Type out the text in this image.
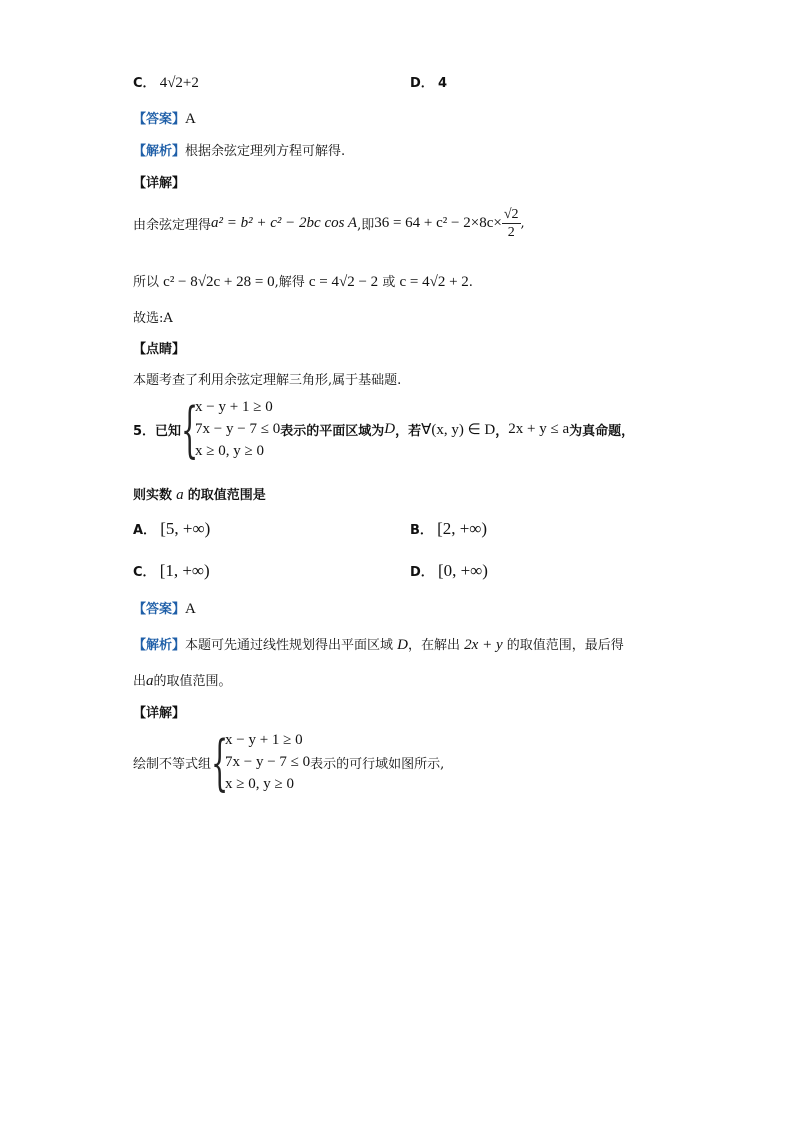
C． 4√2+2	D． 4
【答案】A
【解析】根据余弦定理列方程可解得.
【详解】
由余弦定理得 a² = b² + c² − 2bc cos A ,即 $36 = 64 + c^2 - 2\times 8c\times \frac{√2}{2}$ ,
所以 c² − 8√2c + 28 = 0,解得 c = 4√2 − 2 或 c = 4√2 + 2.
故选:A
【点睛】
本题考查了利用余弦定理解三角形,属于基础题.
5．已知 {
x − y + 1 ≥ 0
7x − y − 7 ≤ 0
x ≥ 0, y ≥ 0
表示的平面区域为 D ，若 ∀(x, y) ∈ D ， 2x + y ≤ a 为真命题，
则实数 a 的取值范围是
A． [5, +∞)	B． [2, +∞)
C． [1, +∞)	D． [0, +∞)
【答案】A
【解析】本题可先通过线性规划得出平面区域 D，在解出 2x + y 的取值范围，最后得
出a的取值范围。
【详解】
绘制不等式组 {
x − y + 1 ≥ 0
7x − y − 7 ≤ 0
x ≥ 0, y ≥ 0
表示的可行域如图所示,
